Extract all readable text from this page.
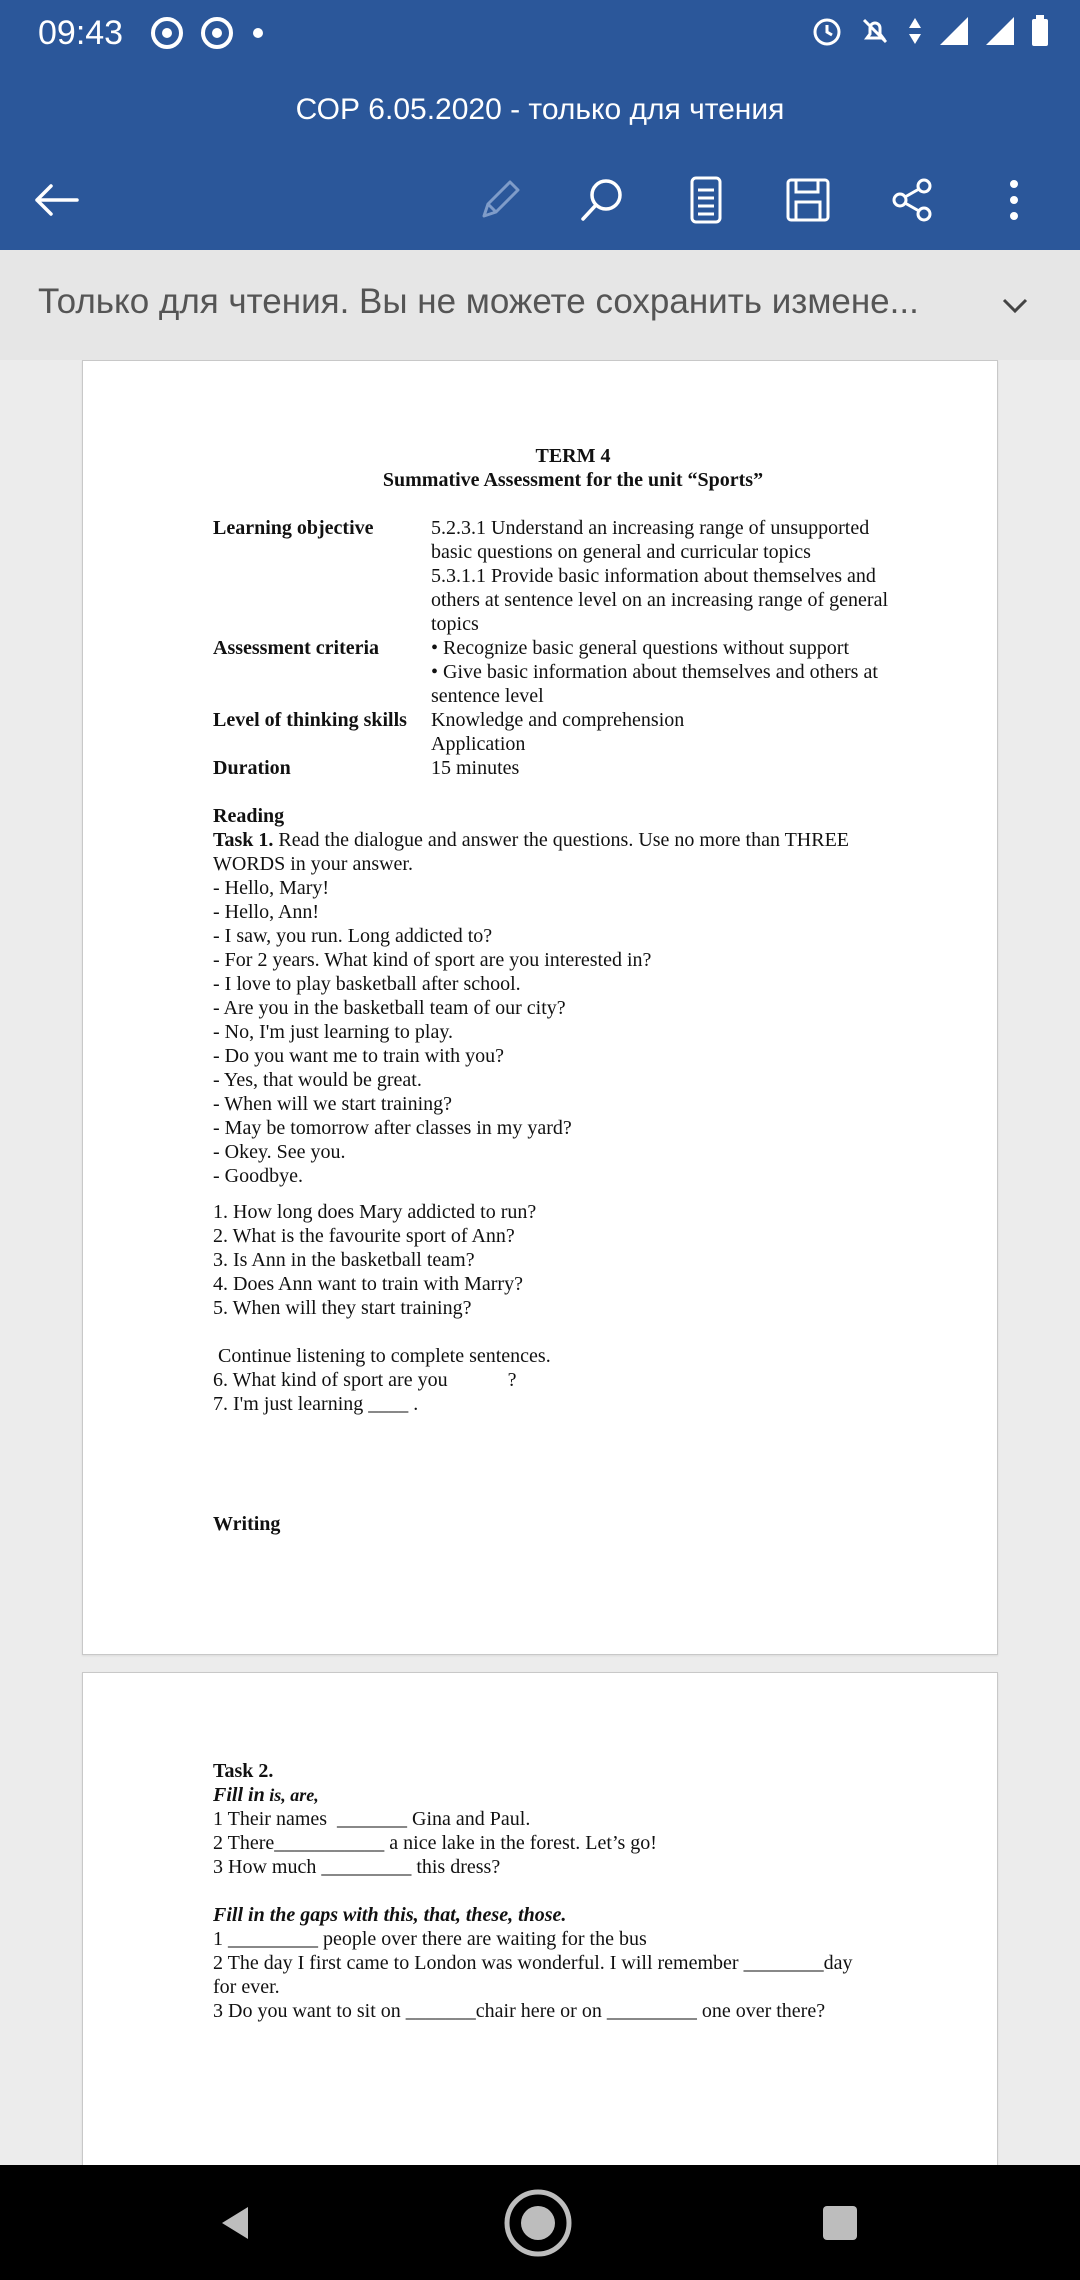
09:43
СОР 6.05.2020 - только для чтения
Только для чтения. Вы не можете сохранить измене...
TERM 4
Summative Assessment for the unit “Sports”
Learning objective	5.2.3.1 Understand an increasing range of unsupported
basic questions on general and curricular topics
5.3.1.1 Provide basic information about themselves and
others at sentence level on an increasing range of general
topics
Assessment criteria	• Recognize basic general questions without support
• Give basic information about themselves and others at
sentence level
Level of thinking skills	Knowledge and comprehension
Application
Duration	15 minutes
Reading
Task 1. Read the dialogue and answer the questions. Use no more than THREE
WORDS in your answer.
- Hello, Mary!
- Hello, Ann!
- I saw, you run. Long addicted to?
- For 2 years. What kind of sport are you interested in?
- I love to play basketball after school.
- Are you in the basketball team of our city?
- No, I'm just learning to play.
- Do you want me to train with you?
- Yes, that would be great.
- When will we start training?
- May be tomorrow after classes in my yard?
- Okey. See you.
- Goodbye.
1. How long does Mary addicted to run?
2. What is the favourite sport of Ann?
3. Is Ann in the basketball team?
4. Does Ann want to train with Marry?
5. When will they start training?
Continue listening to complete sentences.
6. What kind of sport are you            ?
7. I'm just learning ____ .
Writing
Task 2.
Fill in is, are,
1 Their names  _______ Gina and Paul.
2 There___________ a nice lake in the forest. Let’s go!
3 How much _________ this dress?
Fill in the gaps with this, that, these, those.
1 _________ people over there are waiting for the bus
2 The day I first came to London was wonderful. I will remember ________day
for ever.
3 Do you want to sit on _______chair here or on _________ one over there?
